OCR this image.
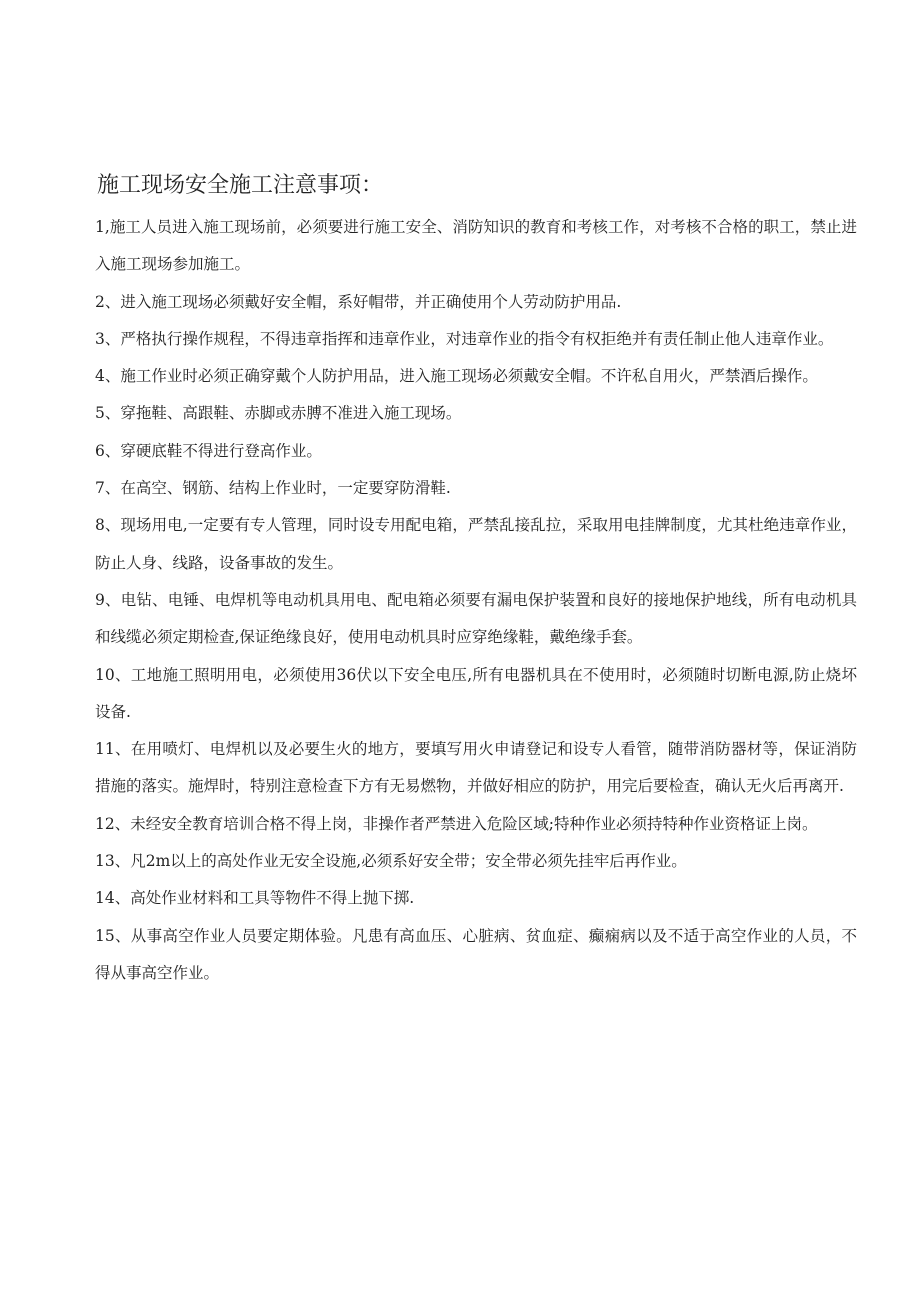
施工现场安全施工注意事项：
1,施工人员进入施工现场前，必须要进行施工安全、消防知识的教育和考核工作，对考核不合格的职工，禁止进入施工现场参加施工。
2、进入施工现场必须戴好安全帽，系好帽带，并正确使用个人劳动防护用品.
3、严格执行操作规程，不得违章指挥和违章作业，对违章作业的指令有权拒绝并有责任制止他人违章作业。
4、施工作业时必须正确穿戴个人防护用品，进入施工现场必须戴安全帽。不许私自用火，严禁酒后操作。
5、穿拖鞋、高跟鞋、赤脚或赤膊不准进入施工现场。
6、穿硬底鞋不得进行登高作业。
7、在高空、钢筋、结构上作业时，一定要穿防滑鞋.
8、现场用电,一定要有专人管理，同时设专用配电箱，严禁乱接乱拉，采取用电挂牌制度，尤其杜绝违章作业，防止人身、线路，设备事故的发生。
9、电钻、电锤、电焊机等电动机具用电、配电箱必须要有漏电保护装置和良好的接地保护地线，所有电动机具和线缆必须定期检查,保证绝缘良好，使用电动机具时应穿绝缘鞋，戴绝缘手套。
10、工地施工照明用电，必须使用36伏以下安全电压,所有电器机具在不使用时，必须随时切断电源,防止烧坏设备.
11、在用喷灯、电焊机以及必要生火的地方，要填写用火申请登记和设专人看管，随带消防器材等，保证消防措施的落实。施焊时，特别注意检查下方有无易燃物，并做好相应的防护，用完后要检查，确认无火后再离开.
12、未经安全教育培训合格不得上岗，非操作者严禁进入危险区域;特种作业必须持特种作业资格证上岗。
13、凡2m以上的高处作业无安全设施,必须系好安全带；安全带必须先挂牢后再作业。
14、高处作业材料和工具等物件不得上抛下掷.
15、从事高空作业人员要定期体验。凡患有高血压、心脏病、贫血症、癫痫病以及不适于高空作业的人员，不得从事高空作业。
